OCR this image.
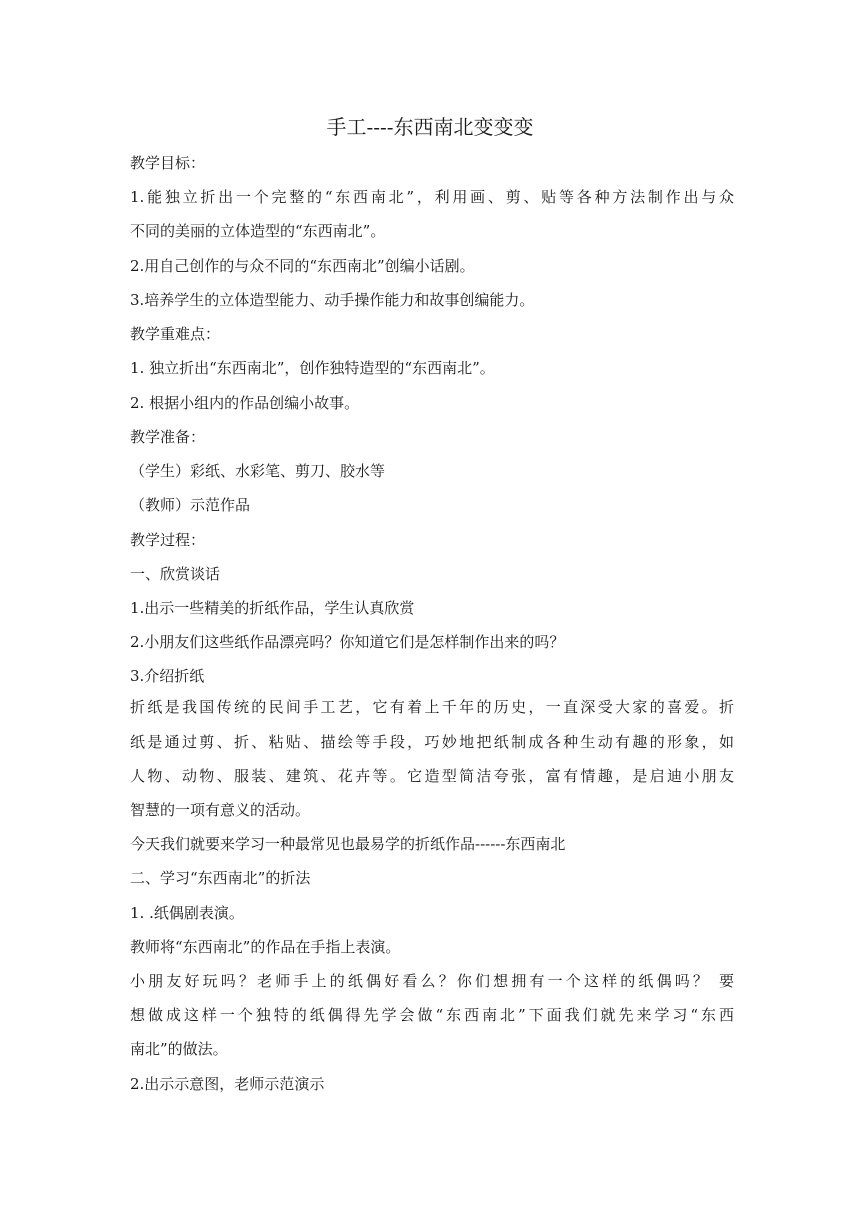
手工----东西南北变变变
教学目标：
1.能独立折出一个完整的“东西南北”，利用画、剪、贴等各种方法制作出与众
不同的美丽的立体造型的“东西南北”。
2.用自己创作的与众不同的“东西南北”创编小话剧。
3.培养学生的立体造型能力、动手操作能力和故事创编能力。
教学重难点：
1. 独立折出“东西南北”，创作独特造型的“东西南北”。
2. 根据小组内的作品创编小故事。
教学准备：
（学生）彩纸、水彩笔、剪刀、胶水等
（教师）示范作品
教学过程：
一、欣赏谈话
1.出示一些精美的折纸作品，学生认真欣赏
2.小朋友们这些纸作品漂亮吗？你知道它们是怎样制作出来的吗？
3.介绍折纸
折纸是我国传统的民间手工艺，它有着上千年的历史，一直深受大家的喜爱。折
纸是通过剪、折、粘贴、描绘等手段，巧妙地把纸制成各种生动有趣的形象，如
人物、动物、服装、建筑、花卉等。它造型简洁夸张，富有情趣，是启迪小朋友
智慧的一项有意义的活动。
今天我们就要来学习一种最常见也最易学的折纸作品------东西南北
二、学习“东西南北”的折法
1. .纸偶剧表演。
教师将“东西南北”的作品在手指上表演。
小朋友好玩吗？老师手上的纸偶好看么？你们想拥有一个这样的纸偶吗？ 要
想做成这样一个独特的纸偶得先学会做“东西南北”下面我们就先来学习“东西
南北”的做法。
2.出示示意图，老师示范演示
